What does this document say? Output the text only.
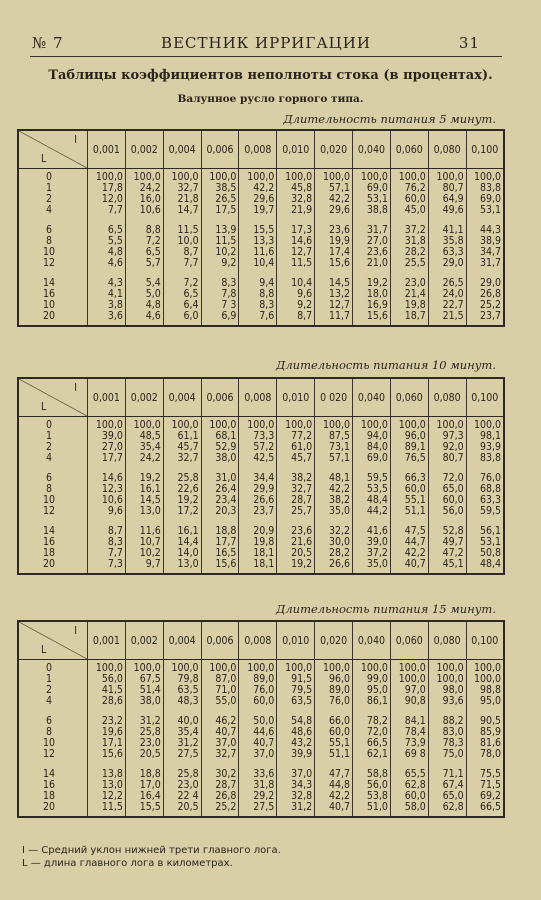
№ 7	ВЕСТНИК ИРРИГАЦИИ	31
Таблицы коэффициентов неполноты стока (в процентах).
Валунное русло горного типа.
Длительность питания 5 минут.
I
L	0,001	0,002	0,004	0,006	0,008	0,010	0,020	0,040	0,060	0,080	0,100
0	100,0	100,0	100,0	100,0	100,0	100,0	100,0	100,0	100,0	100,0	100,0
1	17,8	24,2	32,7	38,5	42,2	45,8	57,1	69,0	76,2	80,7	83,8
2	12,0	16,0	21,8	26,5	29,6	32,8	42,2	53,1	60,0	64,9	69,0
4	7,7	10,6	14,7	17,5	19,7	21,9	29,6	38,8	45,0	49,6	53,1

6	6,5	8,8	11,5	13,9	15,5	17,3	23,6	31,7	37,2	41,1	44,3
8	5,5	7,2	10,0	11,5	13,3	14,6	19,9	27,0	31,8	35,8	38,9
10	4,8	6,5	8,7	10,2	11,6	12,7	17,4	23,6	28,2	63,3	34,7
12	4,6	5,7	7,7	9,2	10,4	11,5	15,6	21,0	25,5	29,0	31,7

14	4,3	5,4	7,2	8,3	9,4	10,4	14,5	19,2	23,0	26,5	29,0
16	4,1	5,0	6,5	7,8	8,8	9,6	13,2	18,0	21,4	24,0	26,8
10	3,8	4,8	6,4	7 3	8,3	9,2	12,7	16,9	19,8	22,7	25,2
20	3,6	4,6	6,0	6,9	7,6	8,7	11,7	15,6	18,7	21,5	23,7
Длительность питания 10 минут.
I
L	0,001	0,002	0,004	0,006	0,008	0,010	0 020	0,040	0,060	0,080	0,100
0	100,0	100,0	100,0	100,0	100,0	100,0	100,0	100,0	100,0	100,0	100,0
1	39,0	48,5	61,1	68,1	73,3	77,2	87,5	94,0	96,0	97,3	98,1
2	27,0	35,4	45,7	52,9	57,2	61,0	73,1	84,0	89,1	92,0	93,9
4	17,7	24,2	32,7	38,0	42,5	45,7	57,1	69,0	76,5	80,7	83,8

6	14,6	19,2	25,8	31,0	34,4	38,2	48,1	59,5	66,3	72,0	76,0
8	12,3	16,1	22,6	26,4	29,9	32,7	42,2	53,5	60,0	65,0	68,8
10	10,6	14,5	19,2	23,4	26,6	28,7	38,2	48,4	55,1	60,0	63,3
12	9,6	13,0	17,2	20,3	23,7	25,7	35,0	44,2	51,1	56,0	59,5

14	8,7	11,6	16,1	18,8	20,9	23,6	32,2	41,6	47,5	52,8	56,1
16	8,3	10,7	14,4	17,7	19,8	21,6	30,0	39,0	44,7	49,7	53,1
18	7,7	10,2	14,0	16,5	18,1	20,5	28,2	37,2	42,2	47,2	50,8
20	7,3	9,7	13,0	15,6	18,1	19,2	26,6	35,0	40,7	45,1	48,4
Длительность питания 15 минут.
I
L	0,001	0,002	0,004	0,006	0,008	0,010	0,020	0,040	0,060	0,080	0,100
0	100,0	100,0	100,0	100,0	100,0	100,0	100,0	100,0	100,0	100,0	100,0
1	56,0	67,5	79,8	87,0	89,0	91,5	96,0	99,0	100,0	100,0	100,0
2	41,5	51,4	63,5	71,0	76,0	79,5	89,0	95,0	97,0	98,0	98,8
4	28,6	38,0	48,3	55,0	60,0	63,5	76,0	86,1	90,8	93,6	95,0

6	23,2	31,2	40,0	46,2	50,0	54,8	66,0	78,2	84,1	88,2	90,5
8	19,6	25,8	35,4	40,7	44,6	48,6	60,0	72,0	78,4	83,0	85,9
10	17,1	23,0	31,2	37,0	40,7	43,2	55,1	66,5	73,9	78,3	81,6
12	15,6	20,5	27,5	32,7	37,0	39,9	51,1	62,1	69 8	75,0	78,0

14	13,8	18,8	25,8	30,2	33,6	37,0	47,7	58,8	65,5	71,1	75,5
16	13,0	17,0	23,0	28,7	31,8	34,3	44,8	56,0	62,8	67,4	71,5
18	12,2	16,4	22 4	26,8	29,2	32,8	42,2	53,8	60,0	65,0	69,2
20	11,5	15,5	20,5	25,2	27,5	31,2	40,7	51,0	58,0	62,8	66,5
I — Средний уклон нижней трети главного лога.
L — длина главного лога в километрах.
